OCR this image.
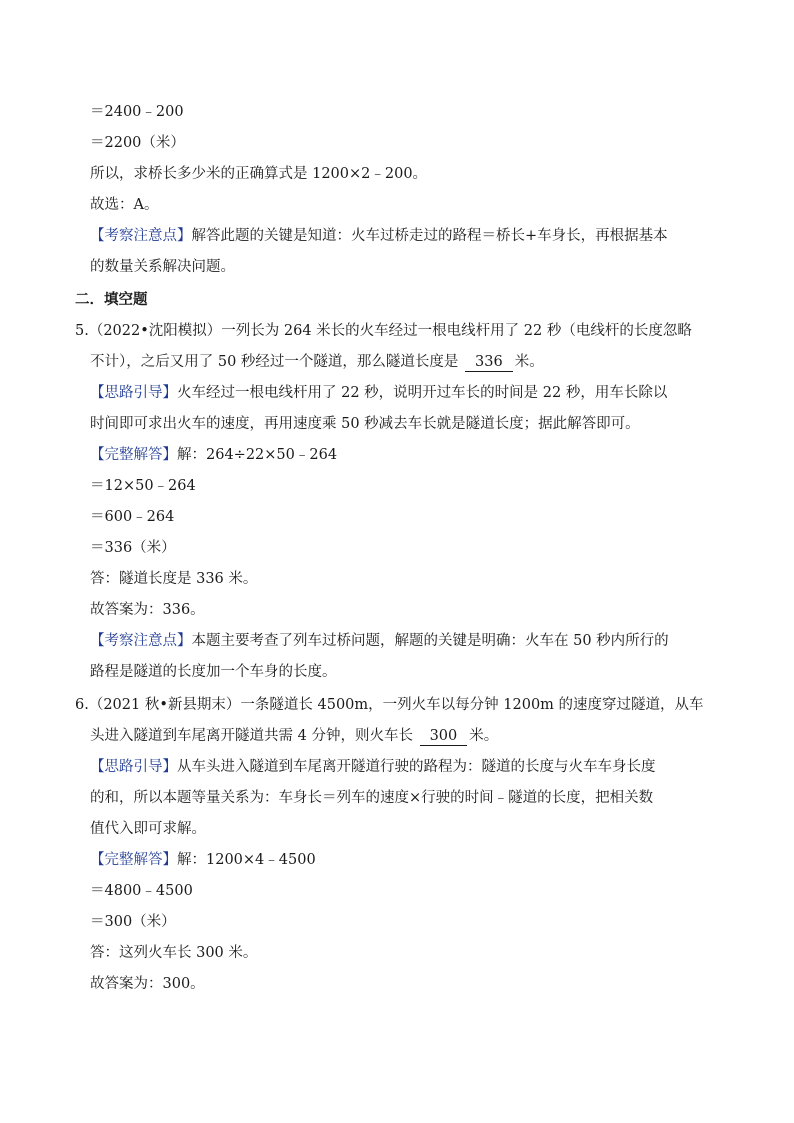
＝2400﹣200
＝2200（米）
所以，求桥长多少米的正确算式是 1200×2﹣200。
故选：A。
【考察注意点】解答此题的关键是知道：火车过桥走过的路程＝桥长+车身长，再根据基本
的数量关系解决问题。
二．填空题
5.（2022•沈阳模拟）一列长为 264 米长的火车经过一根电线杆用了 22 秒（电线杆的长度忽略
不计），之后又用了 50 秒经过一个隧道，那么隧道长度是 336 米。
【思路引导】火车经过一根电线杆用了 22 秒，说明开过车长的时间是 22 秒，用车长除以
时间即可求出火车的速度，再用速度乘 50 秒减去车长就是隧道长度；据此解答即可。
【完整解答】解：264÷22×50﹣264
＝12×50﹣264
＝600﹣264
＝336（米）
答：隧道长度是 336 米。
故答案为：336。
【考察注意点】本题主要考查了列车过桥问题，解题的关键是明确：火车在 50 秒内所行的
路程是隧道的长度加一个车身的长度。
6.（2021 秋•新县期末）一条隧道长 4500m，一列火车以每分钟 1200m 的速度穿过隧道，从车
头进入隧道到车尾离开隧道共需 4 分钟，则火车长 300 米。
【思路引导】从车头进入隧道到车尾离开隧道行驶的路程为：隧道的长度与火车车身长度
的和，所以本题等量关系为：车身长＝列车的速度×行驶的时间﹣隧道的长度，把相关数
值代入即可求解。
【完整解答】解：1200×4﹣4500
＝4800﹣4500
＝300（米）
答：这列火车长 300 米。
故答案为：300。
